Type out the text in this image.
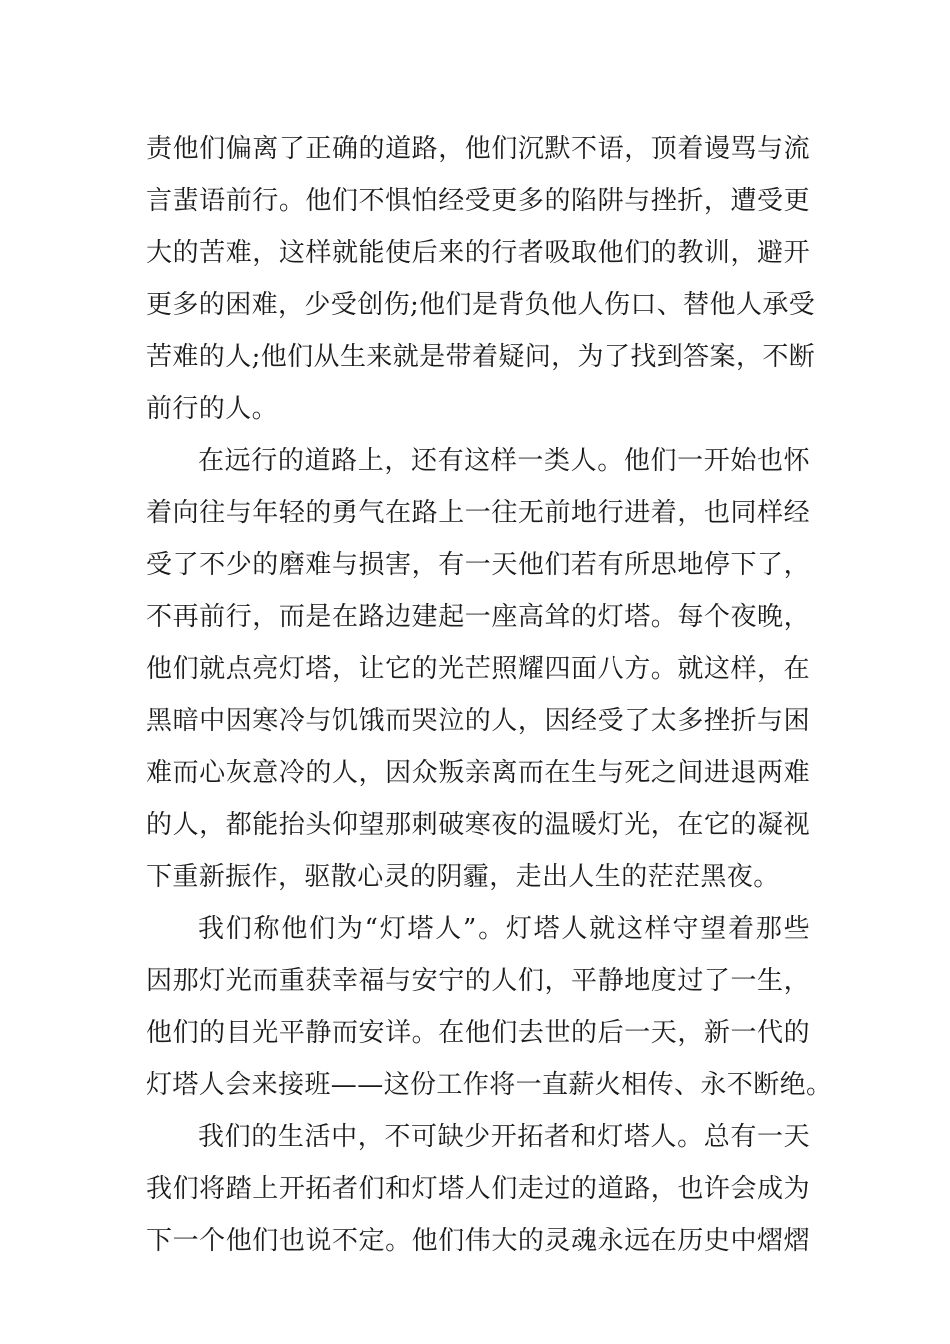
责他们偏离了正确的道路，他们沉默不语，顶着谩骂与流
言蜚语前行。他们不惧怕经受更多的陷阱与挫折，遭受更
大的苦难，这样就能使后来的行者吸取他们的教训，避开
更多的困难，少受创伤;他们是背负他人伤口、替他人承受
苦难的人;他们从生来就是带着疑问，为了找到答案，不断
前行的人。
在远行的道路上，还有这样一类人。他们一开始也怀
着向往与年轻的勇气在路上一往无前地行进着，也同样经
受了不少的磨难与损害，有一天他们若有所思地停下了，
不再前行，而是在路边建起一座高耸的灯塔。每个夜晚，
他们就点亮灯塔，让它的光芒照耀四面八方。就这样，在
黑暗中因寒冷与饥饿而哭泣的人，因经受了太多挫折与困
难而心灰意冷的人，因众叛亲离而在生与死之间进退两难
的人，都能抬头仰望那刺破寒夜的温暖灯光，在它的凝视
下重新振作，驱散心灵的阴霾，走出人生的茫茫黑夜。
我们称他们为“灯塔人”。灯塔人就这样守望着那些
因那灯光而重获幸福与安宁的人们，平静地度过了一生，
他们的目光平静而安详。在他们去世的后一天，新一代的
灯塔人会来接班——这份工作将一直薪火相传、永不断绝。
我们的生活中，不可缺少开拓者和灯塔人。总有一天
我们将踏上开拓者们和灯塔人们走过的道路，也许会成为
下一个他们也说不定。他们伟大的灵魂永远在历史中熠熠
